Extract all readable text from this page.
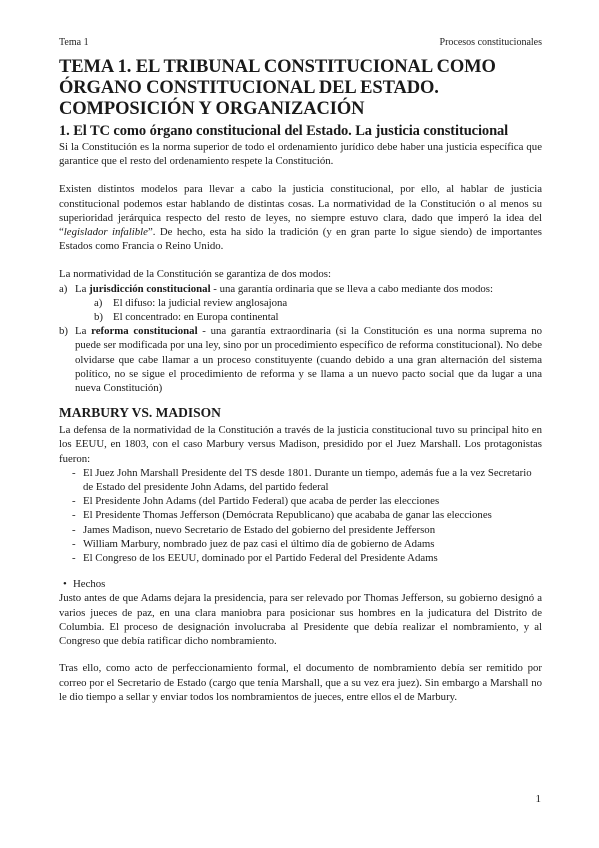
Tema 1	Procesos constitucionales
TEMA 1. EL TRIBUNAL CONSTITUCIONAL COMO ÓRGANO CONSTITUCIONAL DEL ESTADO. COMPOSICIÓN Y ORGANIZACIÓN
1. El TC como órgano constitucional del Estado. La justicia constitucional

Si la Constitución es la norma superior de todo el ordenamiento jurídico debe haber una justicia específica que garantice que el resto del ordenamiento respete la Constitución.

Existen distintos modelos para llevar a cabo la justicia constitucional, por ello, al hablar de justicia constitucional podemos estar hablando de distintas cosas. La normatividad de la Constitución o al menos su superioridad jerárquica respecto del resto de leyes, no siempre estuvo clara, dado que imperó la idea del “legislador infalible”. De hecho, esta ha sido la tradición (y en gran parte lo sigue siendo) de importantes Estados como Francia o Reino Unido.

La normatividad de la Constitución se garantiza de dos modos:

a) La jurisdicción constitucional - una garantía ordinaria que se lleva a cabo mediante dos modos:
a) El difuso: la judicial review anglosajona
b) El concentrado: en Europa continental
b) La reforma constitucional - una garantía extraordinaria (si la Constitución es una norma suprema no puede ser modificada por una ley, sino por un procedimiento específico de reforma constitucional). No debe olvidarse que cabe llamar a un proceso constituyente (cuando debido a una gran alternación del sistema político, no se sigue el procedimiento de reforma y se llama a un nuevo pacto social que da lugar a una nueva Constitución)
MARBURY VS. MADISON

La defensa de la normatividad de la Constitución a través de la justicia constitucional tuvo su principal hito en los EEUU, en 1803, con el caso Marbury versus Madison, presidido por el Juez Marshall. Los protagonistas fueron:

- El Juez John Marshall Presidente del TS desde 1801. Durante un tiempo, además fue a la vez Secretario de Estado del presidente John Adams, del partido federal
- El Presidente John Adams (del Partido Federal) que acaba de perder las elecciones
- El Presidente Thomas Jefferson (Demócrata Republicano) que acababa de ganar las elecciones
- James Madison, nuevo Secretario de Estado del gobierno del presidente Jefferson
- William Marbury, nombrado juez de paz casi el último día de gobierno de Adams
- El Congreso de los EEUU, dominado por el Partido Federal del Presidente Adams
• Hechos

Justo antes de que Adams dejara la presidencia, para ser relevado por Thomas Jefferson, su gobierno designó a varios jueces de paz, en una clara maniobra para posicionar sus hombres en la judicatura del Distrito de Columbia. El proceso de designación involucraba al Presidente que debía realizar el nombramiento, y al Congreso que debía ratificar dicho nombramiento.

Tras ello, como acto de perfeccionamiento formal, el documento de nombramiento debía ser remitido por correo por el Secretario de Estado (cargo que tenía Marshall, que a su vez era juez). Sin embargo a Marshall no le dio tiempo a sellar y enviar todos los nombramientos de jueces, entre ellos el de Marbury.

1
